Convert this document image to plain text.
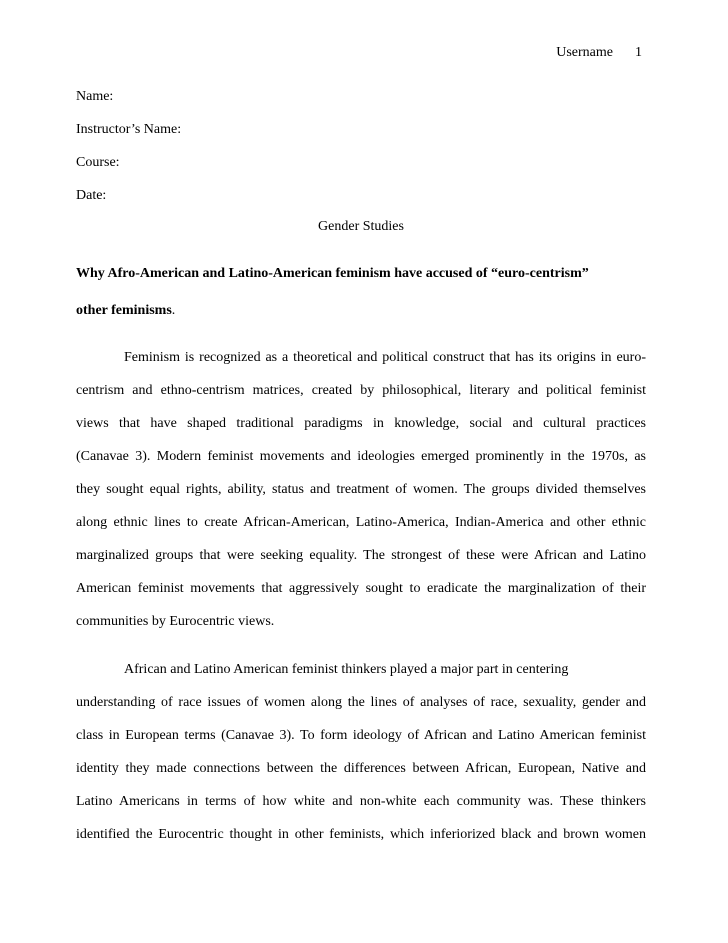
Username 1
Name:
Instructor’s Name:
Course:
Date:
Gender Studies
Why Afro-American and Latino-American feminism have accused of “euro-centrism”
other feminisms.
Feminism is recognized as a theoretical and political construct that has its origins in euro-
centrism and ethno-centrism matrices, created by philosophical, literary and political feminist
views that have shaped traditional paradigms in knowledge, social and cultural practices
(Canavae 3). Modern feminist movements and ideologies emerged prominently in the 1970s, as
they sought equal rights, ability, status and treatment of women. The groups divided themselves
along ethnic lines to create African-American, Latino-America, Indian-America and other ethnic
marginalized groups that were seeking equality. The strongest of these were African and Latino
American feminist movements that aggressively sought to eradicate the marginalization of their
communities by Eurocentric views.
African and Latino American feminist thinkers played a major part in centering
understanding of race issues of women along the lines of analyses of race, sexuality, gender and
class in European terms (Canavae 3). To form ideology of African and Latino American feminist
identity they made connections between the differences between African, European, Native and
Latino Americans in terms of how white and non-white each community was. These thinkers
identified the Eurocentric thought in other feminists, which inferiorized black and brown women
